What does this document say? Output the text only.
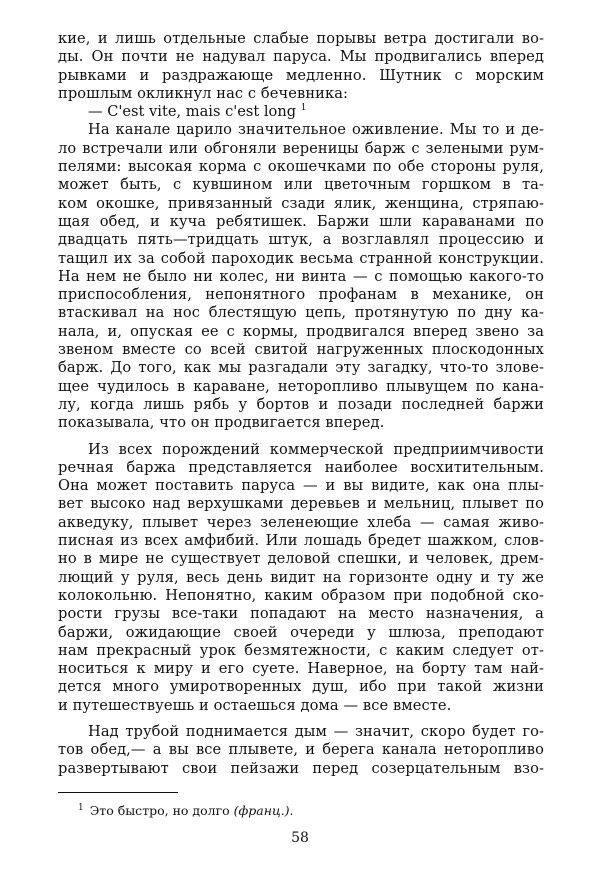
кие, и лишь отдельные слабые порывы ветра достигали во-
ды. Он почти не надувал паруса. Мы продвигались вперед
рывками и раздражающе медленно. Шутник с морским
прошлым окликнул нас с бечевника:
— C'est vite, mais c'est long $^1$
На канале царило значительное оживление. Мы то и де-
ло встречали или обгоняли вереницы барж с зелеными рум-
пелями: высокая корма с окошечками по обе стороны руля,
может быть, с кувшином или цветочным горшком в та-
ком окошке, привязанный сзади ялик, женщина, стряпаю-
щая обед, и куча ребятишек. Баржи шли караванами по
двадцать пять—тридцать штук, а возглавлял процессию и
тащил их за собой пароходик весьма странной конструкции.
На нем не было ни колес, ни винта — с помощью какого-то
приспособления, непонятного профанам в механике, он
втаскивал на нос блестящую цепь, протянутую по дну ка-
нала, и, опуская ее с кормы, продвигался вперед звено за
звеном вместе со всей свитой нагруженных плоскодонных
барж. До того, как мы разгадали эту загадку, что-то злове-
щее чудилось в караване, неторопливо плывущем по кана-
лу, когда лишь рябь у бортов и позади последней баржи
показывала, что он продвигается вперед.
Из всех порождений коммерческой предприимчивости
речная баржа представляется наиболее восхитительным.
Она может поставить паруса — и вы видите, как она плы-
вет высоко над верхушками деревьев и мельниц, плывет по
акведуку, плывет через зеленеющие хлеба — самая живо-
писная из всех амфибий. Или лошадь бредет шажком, слов-
но в мире не существует деловой спешки, и человек, дрем-
лющий у руля, весь день видит на горизонте одну и ту же
колокольню. Непонятно, каким образом при подобной ско-
рости грузы все-таки попадают на место назначения, а
баржи, ожидающие своей очереди у шлюза, преподают
нам прекрасный урок безмятежности, с каким следует от-
носиться к миру и его суете. Наверное, на борту там най-
дется много умиротворенных душ, ибо при такой жизни
и путешествуешь и остаешься дома — все вместе.
Над трубой поднимается дым — значит, скоро будет го-
тов обед,— а вы все плывете, и берега канала неторопливо
развертывают свои пейзажи перед созерцательным взо-
$^1$ Это быстро, но долго (франц.).
58
